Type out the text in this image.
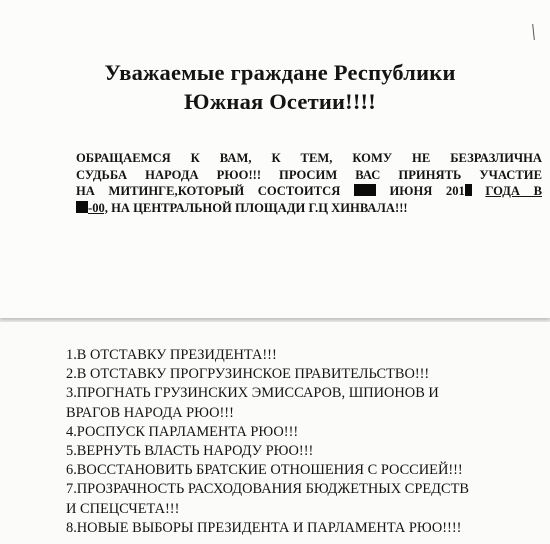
Уважаемые граждане Республики
Южная Осетии!!!!
ОБРАЩАЕМСЯ К ВАМ, К ТЕМ, КОМУ НЕ БЕЗРАЗЛИЧНА
СУДЬБА НАРОДА РЮО!!! ПРОСИМ ВАС ПРИНЯТЬ УЧАСТИЕ
НА МИТИНГЕ,КОТОРЫЙ СОСТОИТСЯ	ИЮНЯ 201 ГОДА В
-00, НА ЦЕНТРАЛЬНОЙ ПЛОЩАДИ Г.Ц ХИНВАЛА!!!
1.В ОТСТАВКУ ПРЕЗИДЕНТА!!!
2.В ОТСТАВКУ ПРОГРУЗИНСКОЕ ПРАВИТЕЛЬСТВО!!!
3.ПРОГНАТЬ ГРУЗИНСКИХ ЭМИССАРОВ, ШПИОНОВ И
ВРАГОВ НАРОДА РЮО!!!
4.РОСПУСК ПАРЛАМЕНТА РЮО!!!
5.ВЕРНУТЬ ВЛАСТЬ НАРОДУ РЮО!!!
6.ВОССТАНОВИТЬ БРАТСКИЕ ОТНОШЕНИЯ С РОССИЕЙ!!!
7.ПРОЗРАЧНОСТЬ РАСХОДОВАНИЯ БЮДЖЕТНЫХ СРЕДСТВ
И СПЕЦСЧЕТА!!!
8.НОВЫЕ ВЫБОРЫ ПРЕЗИДЕНТА И ПАРЛАМЕНТА РЮО!!!!
